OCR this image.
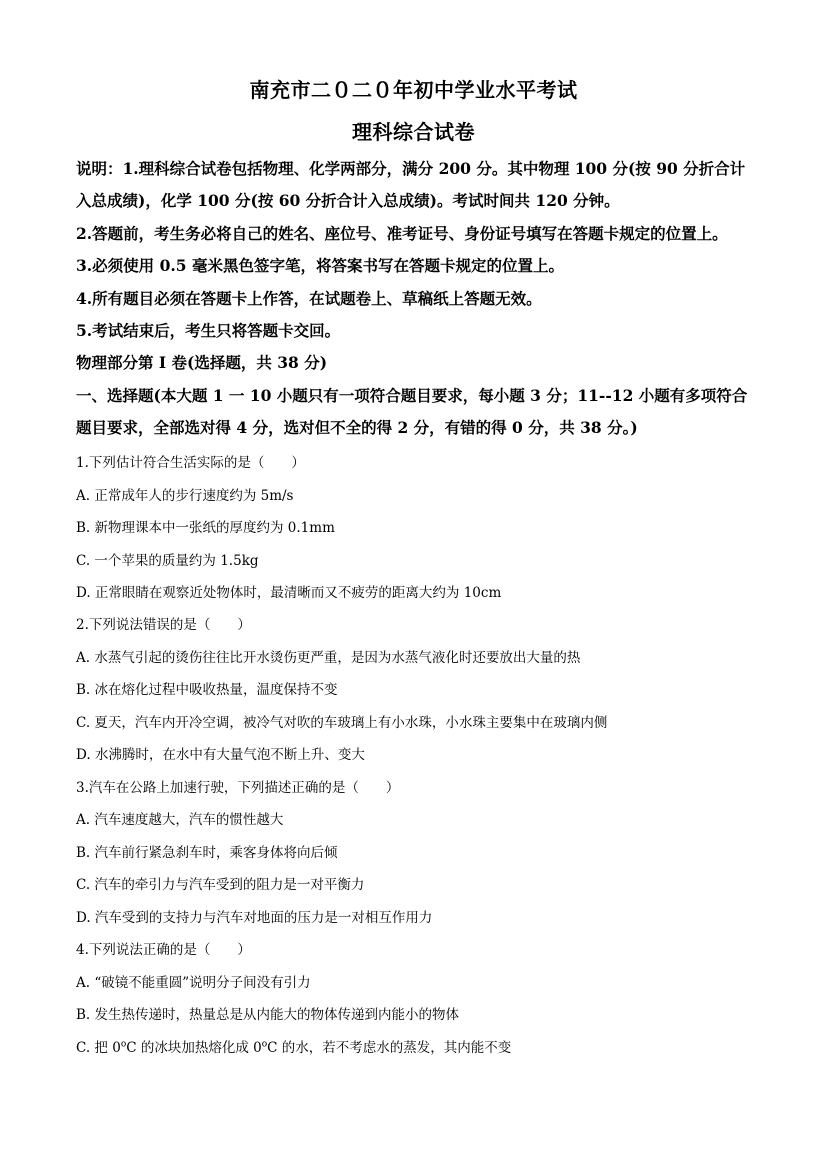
南充市二０二０年初中学业水平考试
理科综合试卷
说明：1.理科综合试卷包括物理、化学两部分，满分 200 分。其中物理 100 分(按 90 分折合计
入总成绩)，化学 100 分(按 60 分折合计入总成绩)。考试时间共 120 分钟。
2.答题前，考生务必将自己的姓名、座位号、准考证号、身份证号填写在答题卡规定的位置上。
3.必须使用 0.5 毫米黑色签字笔，将答案书写在答题卡规定的位置上。
4.所有题目必须在答题卡上作答，在试题卷上、草稿纸上答题无效。
5.考试结束后，考生只将答题卡交回。
物理部分第 I 卷(选择题，共 38 分)
一、选择题(本大题 1 一 10 小题只有一项符合题目要求，每小题 3 分；11--12 小题有多项符合
题目要求，全部选对得 4 分，选对但不全的得 2 分，有错的得 0 分，共 38 分。)
1.下列估计符合生活实际的是（　　）
A. 正常成年人的步行速度约为 5m/s
B. 新物理课本中一张纸的厚度约为 0.1mm
C. 一个苹果的质量约为 1.5kg
D. 正常眼睛在观察近处物体时，最清晰而又不疲劳的距离大约为 10cm
2.下列说法错误的是（　　）
A. 水蒸气引起的烫伤往往比开水烫伤更严重，是因为水蒸气液化时还要放出大量的热
B. 冰在熔化过程中吸收热量，温度保持不变
C. 夏天，汽车内开冷空调，被冷气对吹的车玻璃上有小水珠，小水珠主要集中在玻璃内侧
D. 水沸腾时，在水中有大量气泡不断上升、变大
3.汽车在公路上加速行驶，下列描述正确的是（　　）
A. 汽车速度越大，汽车的惯性越大
B. 汽车前行紧急刹车时，乘客身体将向后倾
C. 汽车的牵引力与汽车受到的阻力是一对平衡力
D. 汽车受到的支持力与汽车对地面的压力是一对相互作用力
4.下列说法正确的是（　　）
A. “破镜不能重圆”说明分子间没有引力
B. 发生热传递时，热量总是从内能大的物体传递到内能小的物体
C. 把 0$^o$C 的冰块加热熔化成 0$^o$C 的水，若不考虑水的蒸发，其内能不变
